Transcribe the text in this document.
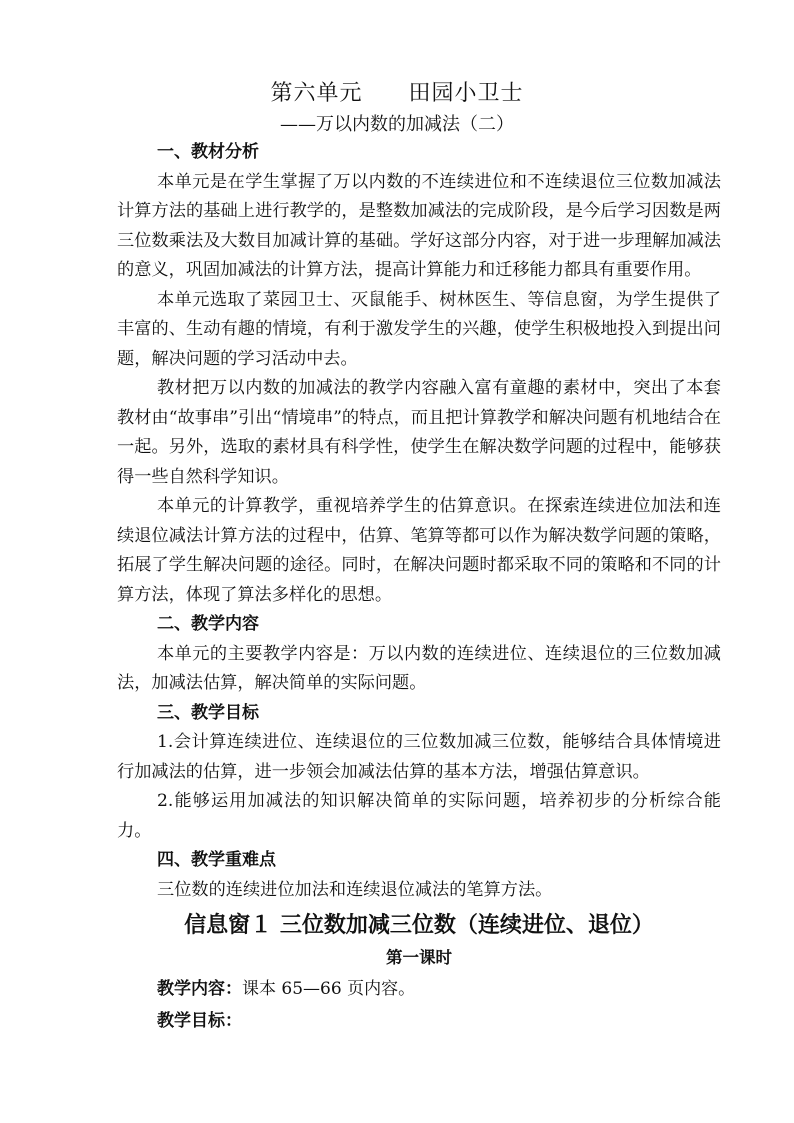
第六单元 田园小卫士
——万以内数的加减法（二）

一、教材分析

本单元是在学生掌握了万以内数的不连续进位和不连续退位三位数加减法计算方法的基础上进行教学的，是整数加减法的完成阶段，是今后学习因数是两三位数乘法及大数目加减计算的基础。学好这部分内容，对于进一步理解加减法的意义，巩固加减法的计算方法，提高计算能力和迁移能力都具有重要作用。

本单元选取了菜园卫士、灭鼠能手、树林医生、等信息窗，为学生提供了丰富的、生动有趣的情境，有利于激发学生的兴趣，使学生积极地投入到提出问题，解决问题的学习活动中去。

教材把万以内数的加减法的教学内容融入富有童趣的素材中，突出了本套教材由“故事串”引出“情境串”的特点，而且把计算教学和解决问题有机地结合在一起。另外，选取的素材具有科学性，使学生在解决数学问题的过程中，能够获得一些自然科学知识。

本单元的计算教学，重视培养学生的估算意识。在探索连续进位加法和连续退位减法计算方法的过程中，估算、笔算等都可以作为解决数学问题的策略，拓展了学生解决问题的途径。同时，在解决问题时都采取不同的策略和不同的计算方法，体现了算法多样化的思想。

二、教学内容

本单元的主要教学内容是：万以内数的连续进位、连续退位的三位数加减法，加减法估算，解决简单的实际问题。

三、教学目标

1.会计算连续进位、连续退位的三位数加减三位数，能够结合具体情境进行加减法的估算，进一步领会加减法估算的基本方法，增强估算意识。

2.能够运用加减法的知识解决简单的实际问题，培养初步的分析综合能力。

四、教学重难点

三位数的连续进位加法和连续退位减法的笔算方法。

信息窗１ 三位数加减三位数（连续进位、退位）

第一课时

教学内容：课本 65—66 页内容。

教学目标：
